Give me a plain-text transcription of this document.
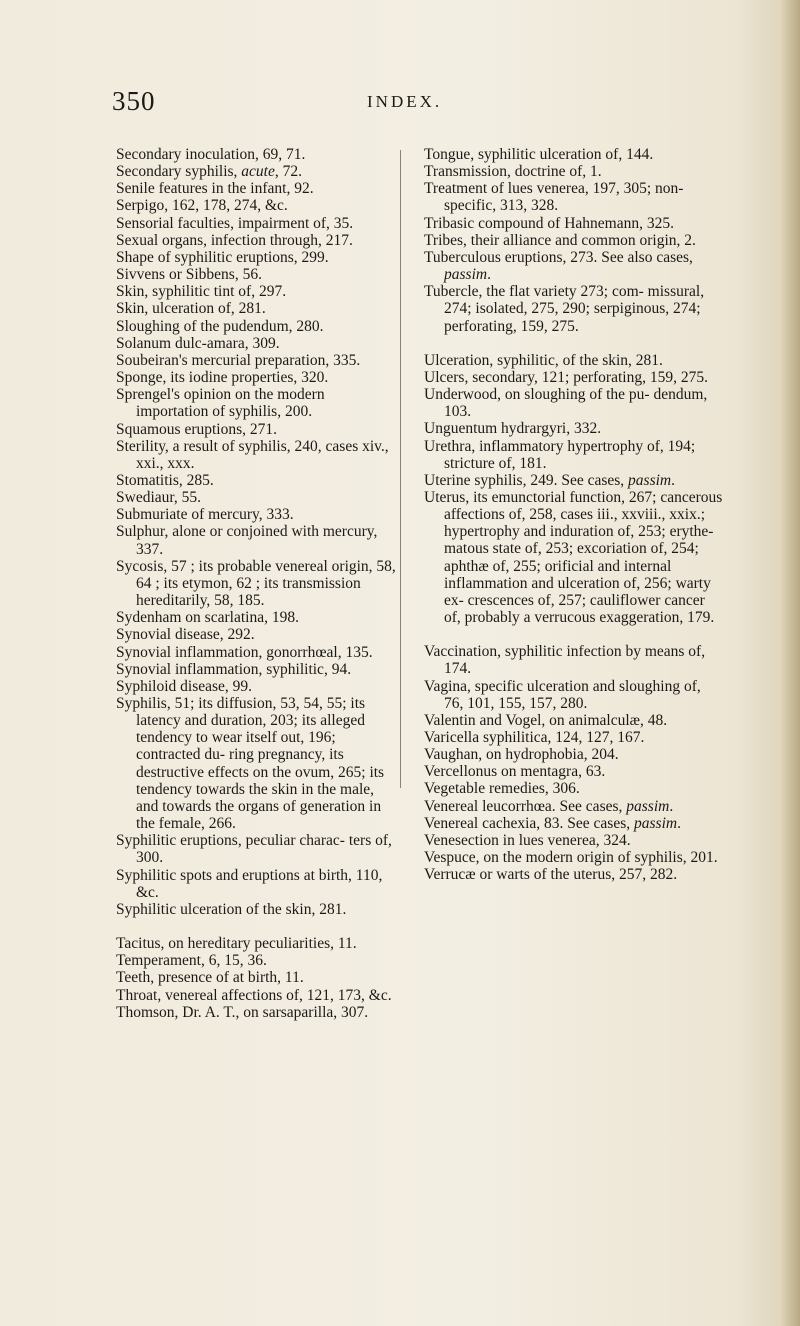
350	INDEX.

Secondary inoculation, 69, 71.

Secondary syphilis, acute, 72.

Senile features in the infant, 92.

Serpigo, 162, 178, 274, &c.

Sensorial faculties, impairment of, 35.

Sexual organs, infection through, 217.

Shape of syphilitic eruptions, 299.

Sivvens or Sibbens, 56.

Skin, syphilitic tint of, 297.

Skin, ulceration of, 281.

Sloughing of the pudendum, 280.

Solanum dulc-amara, 309.

Soubeiran's mercurial preparation, 335.

Sponge, its iodine properties, 320.

Sprengel's opinion on the modern importation of syphilis, 200.

Squamous eruptions, 271.

Sterility, a result of syphilis, 240, cases xiv., xxi., xxx.

Stomatitis, 285.

Swediaur, 55.

Submuriate of mercury, 333.

Sulphur, alone or conjoined with mercury, 337.

Sycosis, 57 ; its probable venereal origin, 58, 64 ; its etymon, 62 ; its transmission hereditarily, 58, 185.

Sydenham on scarlatina, 198.

Synovial disease, 292.

Synovial inflammation, gonorrhœal, 135.

Synovial inflammation, syphilitic, 94.

Syphiloid disease, 99.

Syphilis, 51; its diffusion, 53, 54, 55; its latency and duration, 203; its alleged tendency to wear itself out, 196; contracted du- ring pregnancy, its destructive effects on the ovum, 265; its tendency towards the skin in the male, and towards the organs of generation in the female, 266.

Syphilitic eruptions, peculiar charac- ters of, 300.

Syphilitic spots and eruptions at birth, 110, &c.

Syphilitic ulceration of the skin, 281.

Tacitus, on hereditary peculiarities, 11.

Temperament, 6, 15, 36.

Teeth, presence of at birth, 11.

Throat, venereal affections of, 121, 173, &c.

Thomson, Dr. A. T., on sarsaparilla, 307.

Tongue, syphilitic ulceration of, 144.

Transmission, doctrine of, 1.

Treatment of lues venerea, 197, 305; non-specific, 313, 328.

Tribasic compound of Hahnemann, 325.

Tribes, their alliance and common origin, 2.

Tuberculous eruptions, 273. See also cases, passim.

Tubercle, the flat variety 273; com- missural, 274; isolated, 275, 290; serpiginous, 274; perforating, 159, 275.

Ulceration, syphilitic, of the skin, 281.

Ulcers, secondary, 121; perforating, 159, 275.

Underwood, on sloughing of the pu- dendum, 103.

Unguentum hydrargyri, 332.

Urethra, inflammatory hypertrophy of, 194; stricture of, 181.

Uterine syphilis, 249. See cases, passim.

Uterus, its emunctorial function, 267; cancerous affections of, 258, cases iii., xxviii., xxix.; hypertrophy and induration of, 253; erythe- matous state of, 253; excoriation of, 254; aphthæ of, 255; orificial and internal inflammation and ulceration of, 256; warty ex- crescences of, 257; cauliflower cancer of, probably a verrucous exaggeration, 179.

Vaccination, syphilitic infection by means of, 174.

Vagina, specific ulceration and sloughing of, 76, 101, 155, 157, 280.

Valentin and Vogel, on animalculæ, 48.

Varicella syphilitica, 124, 127, 167.

Vaughan, on hydrophobia, 204.

Vercellonus on mentagra, 63.

Vegetable remedies, 306.

Venereal leucorrhœa. See cases, passim.

Venereal cachexia, 83. See cases, passim.

Venesection in lues venerea, 324.

Vespuce, on the modern origin of syphilis, 201.

Verrucæ or warts of the uterus, 257, 282.
